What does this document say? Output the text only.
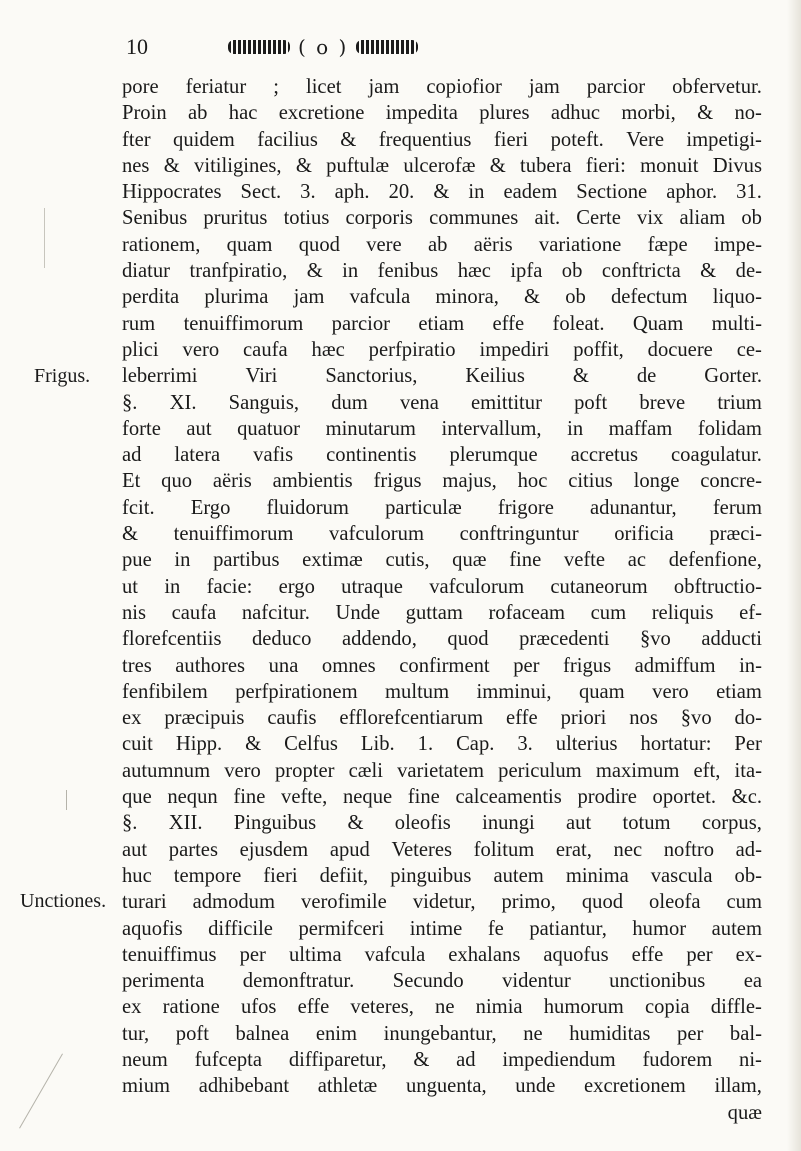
10	( o )
Frigus.
Unctiones.
pore feriatur ; licet jam copiofior jam parcior obfervetur.
Proin ab hac excretione impedita plures adhuc morbi, & no-
fter quidem facilius & frequentius fieri poteft. Vere impetigi-
nes & vitiligines, & puftulæ ulcerofæ & tubera fieri: monuit Divus
Hippocrates Sect. 3. aph. 20. & in eadem Sectione aphor. 31.
Senibus pruritus totius corporis communes ait. Certe vix aliam ob
rationem, quam quod vere ab aëris variatione fæpe impe-
diatur tranfpiratio, & in fenibus hæc ipfa ob conftricta & de-
perdita plurima jam vafcula minora, & ob defectum liquo-
rum tenuiffimorum parcior etiam effe foleat. Quam multi-
plici vero caufa hæc perfpiratio impediri poffit, docuere ce-
leberrimi Viri Sanctorius, Keilius & de Gorter.
§. XI. Sanguis, dum vena emittitur poft breve trium
forte aut quatuor minutarum intervallum, in maffam folidam
ad latera vafis continentis plerumque accretus coagulatur.
Et quo aëris ambientis frigus majus, hoc citius longe concre-
fcit. Ergo fluidorum particulæ frigore adunantur, ferum
& tenuiffimorum vafculorum conftringuntur orificia præci-
pue in partibus extimæ cutis, quæ fine vefte ac defenfione,
ut in facie: ergo utraque vafculorum cutaneorum obftructio-
nis caufa nafcitur. Unde guttam rofaceam cum reliquis ef-
florefcentiis deduco addendo, quod præcedenti §vo adducti
tres authores una omnes confirment per frigus admiffum in-
fenfibilem perfpirationem multum imminui, quam vero etiam
ex præcipuis caufis efflorefcentiarum effe priori nos §vo do-
cuit Hipp. & Celfus Lib. 1. Cap. 3. ulterius hortatur: Per
autumnum vero propter cæli varietatem periculum maximum eft, ita-
que nequn fine vefte, neque fine calceamentis prodire oportet. &c.
§. XII. Pinguibus & oleofis inungi aut totum corpus,
aut partes ejusdem apud Veteres folitum erat, nec noftro ad-
huc tempore fieri defiit, pinguibus autem minima vascula ob-
turari admodum verofimile videtur, primo, quod oleofa cum
aquofis difficile permifceri intime fe patiantur, humor autem
tenuiffimus per ultima vafcula exhalans aquofus effe per ex-
perimenta demonftratur. Secundo videntur unctionibus ea
ex ratione ufos effe veteres, ne nimia humorum copia diffle-
tur, poft balnea enim inungebantur, ne humiditas per bal-
neum fufcepta diffiparetur, & ad impediendum fudorem ni-
mium adhibebant athletæ unguenta, unde excretionem illam,
quæ
